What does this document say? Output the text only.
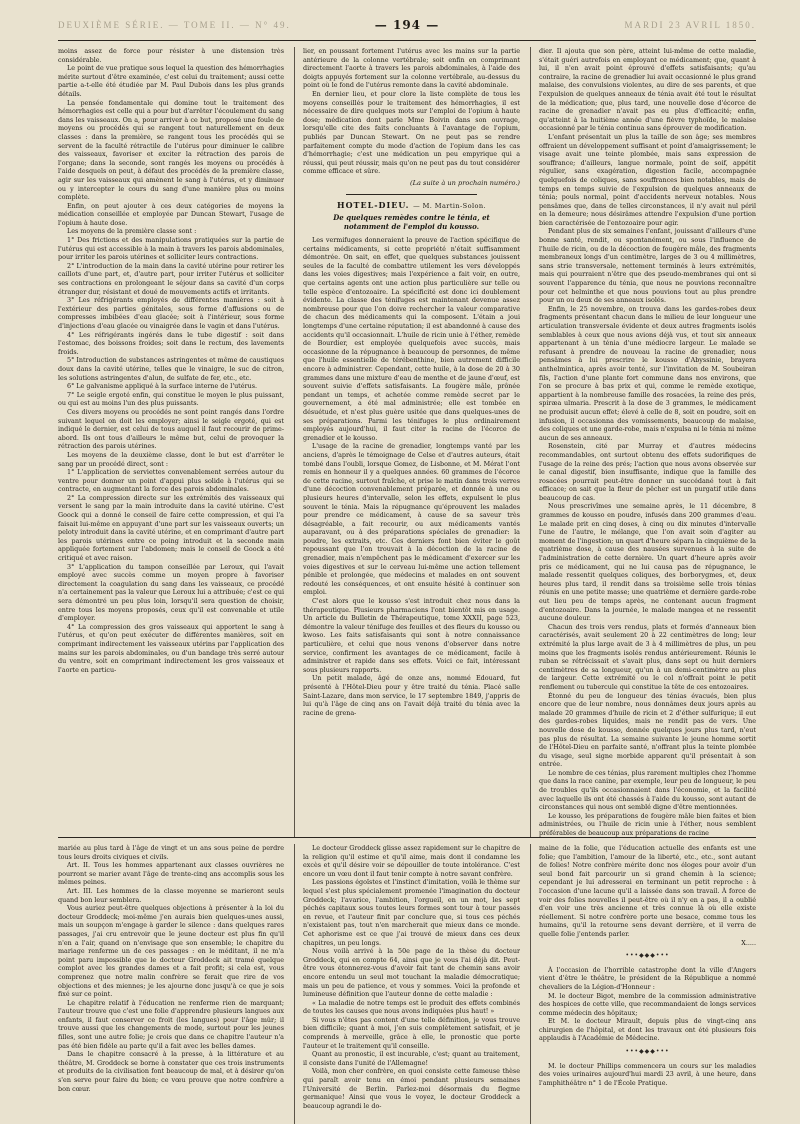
DEUXIÈME SÉRIE. — TOME II. — N° 49.	— 194 —	MARDI 23 AVRIL 1850.

moins assez de force pour résister à une distension très considérable.

Le point de vue pratique sous lequel la question des hémorrhagies mérite surtout d'être examinée, c'est celui du traitement; aussi cette partie a-t-elle été étudiée par M. Paul Dubois dans les plus grands détails.

La pensée fondamentale qui domine tout le traitement des hémorrhagies est celle qui a pour but d'arrêter l'écoulement du sang dans les vaisseaux. On a, pour arriver à ce but, proposé une foule de moyens ou procédés qui se rangent tout naturellement en deux classes : dans la première, se rangent tous les procédés qui se servent de la faculté rétractile de l'utérus pour diminuer le calibre des vaisseaux, favoriser et exciter la rétraction des parois de l'organe; dans la seconde, sont rangés les moyens ou procédés à l'aide desquels on peut, à défaut des procédés de la première classe, agir sur les vaisseaux qui amènent le sang à l'utérus, et y diminuer ou y intercepter le cours du sang d'une manière plus ou moins complète.

Enfin, on peut ajouter à ces deux catégories de moyens la médication conseillée et employée par Duncan Stewart, l'usage de l'opium à haute dose.

Les moyens de la première classe sont :

1° Des frictions et des manipulations pratiquées sur la partie de l'utérus qui est accessible à la main à travers les parois abdominales, pour irriter les parois utérines et solliciter leurs contractions.

2° L'introduction de la main dans la cavité utérine pour retirer les caillots d'une part, et, d'autre part, pour irriter l'utérus et solliciter ses contractions en prolongeant le séjour dans sa cavité d'un corps étranger dur, résistant et doué de mouvements actifs et irritants.

3° Les réfrigérants employés de différentes manières : soit à l'extérieur des parties génitales, sous forme d'affusions ou de compresses imbibées d'eau glacée; soit à l'intérieur, sous forme d'injections d'eau glacée ou vinaigrée dans le vagin et dans l'utérus.

4° Les réfrigérants ingérés dans le tube digestif : soit dans l'estomac, des boissons froides; soit dans le rectum, des lavements froids.

5° Introduction de substances astringentes et même de caustiques doux dans la cavité utérine, telles que le vinaigre, le suc de citron, les solutions astringentes d'alun, de sulfate de fer, etc., etc.

6° Le galvanisme appliqué à la surface interne de l'utérus.

7° Le seigle ergoté enfin, qui constitue le moyen le plus puissant, ou qui est au moins l'un des plus puissants.

Ces divers moyens ou procédés ne sont point rangés dans l'ordre suivant lequel on doit les employer; ainsi le seigle ergoté, qui est indiqué le dernier, est celui de tous auquel il faut recourir de prime-abord. Ils ont tous d'ailleurs le même but, celui de provoquer la rétraction des parois utérines.

Les moyens de la deuxième classe, dont le but est d'arrêter le sang par un procédé direct, sont :

1° L'application de serviettes convenablement serrées autour du ventre pour donner un point d'appui plus solide à l'utérus qui se contracte, en augmentant la force des parois abdominales.

2° La compression directe sur les extrémités des vaisseaux qui versent le sang par la main introduite dans la cavité utérine. C'est Goock qui a donné le conseil de faire cette compression, et qui l'a faisait lui-même en appuyant d'une part sur les vaisseaux ouverts; un peloty introduit dans la cavité utérine, et en comprimant d'autre part les parois utérines entre ce poing introduit et la seconde main appliquée fortement sur l'abdomen; mais le conseil de Goock a été critiqué et avec raison.

3° L'application du tampon conseillée par Leroux, qui l'avait employé avec succès comme un moyen propre à favoriser directement la coagulation du sang dans les vaisseaux, ce procédé n'a certainement pas la valeur que Leroux lui a attribuée; c'est ce qui sera démontré un peu plus loin, lorsqu'il sera question de choisir, entre tous les moyens proposés, ceux qu'il est convenable et utile d'employer.

4° La compression des gros vaisseaux qui apportent le sang à l'utérus, et qu'on peut exécuter de différentes manières, soit en comprimant indirectement les vaisseaux utérins par l'application des mains sur les parois abdominales, ou d'un bandage très serré autour du ventre, soit en comprimant indirectement les gros vaisseaux et l'aorte en particu-

lier, en poussant fortement l'utérus avec les mains sur la partie antérieure de la colonne vertébrale; soit enfin en comprimant directement l'aorte à travers les parois abdominales, à l'aide des doigts appuyés fortement sur la colonne vertébrale, au-dessus du point où le fond de l'utérus remonte dans la cavité abdominale.

En dernier lieu, et pour clore la liste complète de tous les moyens conseillés pour le traitement des hémorrhagies, il est nécessaire de dire quelques mots sur l'emploi de l'opium à haute dose; médication dont parle Mme Boivin dans son ouvrage, lorsqu'elle cite des faits concluants à l'avantage de l'opium, publiés par Duncan Stewart. On ne peut pas se rendre parfaitement compte du mode d'action de l'opium dans les cas d'hémorrhagie; c'est une médication un peu empyrique qui a réussi, qui peut réussir, mais qu'on ne peut pas du tout considérer comme efficace et sûre.

(La suite à un prochain numéro.)
HOTEL-DIEU. — M. Martin-Solon.
De quelques remèdes contre le ténia, et notamment de l'emploi du kousso.

Les vermifuges donneraient la preuve de l'action spécifique de certains médicaments, si cette propriété n'était suffisamment démontrée. On sait, en effet, que quelques substances jouissent seules de la faculté de combattre utilement les vers développés dans les voies digestives; mais l'expérience a fait voir, en outre, que certains agents ont une action plus particulière sur telle ou telle espèce d'entozoaire. La spécificité est donc ici doublement évidente. La classe des ténifuges est maintenant devenue assez nombreuse pour que l'on doive rechercher la valeur comparative de chacun des médicaments qui la composent. L'étain a joui longtemps d'une certaine réputation; il est abandonné à cause des accidents qu'il occasionnait. L'huile de ricin unie à l'éther, remède de Bourdier, est employée quelquefois avec succès, mais occasionne de la répugnance à beaucoup de personnes, de même que l'huile essentielle de térébenthine, bien autrement difficile encore à administrer. Cependant, cette huile, à la dose de 20 à 30 grammes dans une mixture d'eau de menthe et de jaune d'œuf, est souvent suivie d'effets satisfaisants. La fougère mâle, prônée pendant un temps, et achetée comme remède secret par le gouvernement, a été mal administrée; elle est tombée en désuétude, et n'est plus guère usitée que dans quelques-unes de ses préparations. Parmi les ténifuges le plus ordinairement employés aujourd'hui, il faut citer la racine de l'écorce de grenadier et le kousso.

L'usage de la racine de grenadier, longtemps vanté par les anciens, d'après le témoignage de Celse et d'autres auteurs, était tombé dans l'oubli, lorsque Gomez, de Lisbonne, et M. Mérat l'ont remis en honneur il y a quelques années. 60 grammes de l'écorce de cette racine, surtout fraîche, et prise le matin dans trois verres d'une décoction convenablement préparée, et donnée à une ou plusieurs heures d'intervalle, selon les effets, expulsent le plus souvent le ténia. Mais la répugnance qu'éprouvent les malades pour prendre ce médicament, à cause de sa saveur très désagréable, a fait recourir, ou aux médicaments vantés auparavant, ou à des préparations spéciales de grenadier: la poudre, les extraits, etc. Ces derniers font bien éviter le goût repoussant que l'on trouvait à la décoction de la racine de grenadier, mais n'empêchent pas le médicament d'exercer sur les voies digestives et sur le cerveau lui-même une action tellement pénible et prolongée, que médecins et malades en ont souvent redouté les conséquences, et ont ensuite hésité à continuer son emploi.

C'est alors que le kousso s'est introduit chez nous dans la thérapeutique. Plusieurs pharmaciens l'ont bientôt mis en usage. Un article du Bulletin de Thérapeutique, tome XXXII, page 523, démontre la valeur ténifuge des feuilles et des fleurs du kousso ou kwoso. Les faits satisfaisants qui sont à notre connaissance particulière, et celui que nous venons d'observer dans notre service, confirment les avantages de ce médicament, facile à administrer et rapide dans ses effets. Voici ce fait, intéressant sous plusieurs rapports.

Un petit malade, âgé de onze ans, nommé Edouard, fut présenté à l'Hôtel-Dieu pour y être traité du ténia. Placé salle Saint-Lazare, dans mon service, le 17 septembre 1849, j'appris de lui qu'à l'âge de cinq ans on l'avait déjà traité du ténia avec la racine de grena-

dier. Il ajouta que son père, atteint lui-même de cette maladie, s'était guéri autrefois en employant ce médicament; que, quant à lui, il n'en avait point éprouvé d'effets satisfaisants; qu'au contraire, la racine de grenadier lui avait occasionné le plus grand malaise, des convulsions violentes, au dire de ses parents, et que l'expulsion de quelques anneaux de ténia avait été tout le résultat de la médication; que, plus tard, une nouvelle dose d'écorce de racine de grenadier n'avait pas eu plus d'efficacité; enfin, qu'atteint à la huitième année d'une fièvre typhoïde, le malaise occasionné par le ténia continua sans éprouver de modification.

L'enfant présentait un plus la taille de son âge; ses membres offraient un développement suffisant et point d'amaigrissement; le visage avait une teinte plombée, mais sans expression de souffrance; d'ailleurs, langue normale, point de soif, appétit régulier, sans exagération, digestion facile, accompagnée quelquefois de coliques, sans souffrances bien notables, mais de temps en temps suivie de l'expulsion de quelques anneaux de ténia; pouls normal, point d'accidents nerveux notables. Nous pensâmes que, dans de telles circonstances, il n'y avait nul péril en la demeure; nous désirâmes attendre l'expulsion d'une portion bien caractérisée de l'entozoaire pour agir.

Pendant plus de six semaines l'enfant, jouissant d'ailleurs d'une bonne santé, rendit, ou spontanément, ou sous l'influence de l'huile de ricin, ou de la décoction de fougère mâle, des fragments membraneux longs d'un centimètre, larges de 3 ou 4 millimètres, sans strie transversale, nettement terminés à leurs extrémités, mais qui pourraient n'être que des pseudo-membranes qui ont si souvent l'apparence du ténia, que nous ne pouvions reconnaître pour cet helminthe et que nous pouvions tout au plus prendre pour un ou deux de ses anneaux isolés.

Enfin, le 25 novembre, on trouva dans les gardes-robes deux fragments présentant chacun dans le milieu de leur longueur une articulation transversale évidente et deux autres fragments isolés semblables à ceux que nous avions déjà vus, et tout six anneaux appartenant à un ténia d'une médiocre largeur. Le malade se refusant à prendre de nouveau la racine de grenadier, nous pensâmes à lui prescrire le kousso d'Abyssinie, brayera anthelmintica, après avoir tenté, sur l'invitation de M. Soubeiran fils, l'action d'une plante fort commune dans nos environs, que l'on se procure à bas prix et qui, comme le remède exotique, appartient à la nombreuse famille des rosacées, la reine des prés, spiræa ulmaria. Prescrit à la dose de 3 grammes, le médicament ne produisit aucun effet; élevé à celle de 8, soit en poudre, soit en infusion, il occasionna des vomissements, beaucoup de malaise, des coliques et une garde-robe, mais n'expulsa ni le ténia ni même aucun de ses anneaux.

Rosenstein, cité par Murray et d'autres médecins recommandables, ont surtout obtenu des effets sudorifiques de l'usage de la reine des prés; l'action que nous avons observée sur le canal digestif, bien insuffisante, indique que la famille des rosacées pourrait peut-être donner un succédané tout à fait efficace; on sait que la fleur de pêcher est un purgatif utile dans beaucoup de cas.

Nous prescrivîmes une semaine après, le 11 décembre, 8 grammes de kousso en poudre, infusés dans 200 grammes d'eau. Le malade prit en cinq doses, à cinq ou dix minutes d'intervalle l'une de l'autre, le mélange, que l'on avait soin d'agiter au moment de l'ingestion; un quart d'heure sépara la cinquième de la quatrième dose, à cause des nausées survenues à la suite de l'administration de cette dernière. Un quart d'heure après avoir pris ce médicament, qui ne lui causa pas de répugnance, le malade ressentit quelques coliques, des borborygmes, et, deux heures plus tard, il rendit dans sa troisième selle trois ténias réunis en une petite masse; une quatrième et dernière garde-robe eut lieu peu de temps après, ne contenant aucun fragment d'entozoaire. Dans la journée, le malade mangea et ne ressentit aucune douleur.

Chacun des trois vers rendus, plats et formés d'anneaux bien caractérisés, avait seulement 20 à 22 centimètres de long; leur extrémité la plus large avait de 3 à 4 millimètres de plus, un peu moins que les fragments isolés rendus antérieurement. Réunis le ruban se rétrécissait et s'avait plus, dans sept ou huit derniers centimètres de sa longueur, qu'un à un demi-centimètre au plus de largeur. Cette extrémité ou le col n'offrait point le petit renflement ou tubercule qui constitue la tête de ces entozoaires.

Étonné du peu de longueur des ténias évacués, bien plus encore que de leur nombre, nous donnâmes deux jours après au malade 20 grammes d'huile de ricin et 2 d'éther sulfurique; il eut des gardes-robes liquides, mais ne rendit pas de vers. Une nouvelle dose de kousso, donnée quelques jours plus tard, n'eut pas plus de résultat. La semaine suivante le jeune homme sortit de l'Hôtel-Dieu en parfaite santé, n'offrant plus la teinte plombée du visage, seul signe morbide apparent qu'il présentait à son entrée.

Le nombre de ces ténias, plus rarement multiples chez l'homme que dans la race canine, par exemple, leur peu de longueur, le peu de troubles qu'ils occasionnaient dans l'économie, et la facilité avec laquelle ils ont été chassés à l'aide du kousso, sont autant de circonstances qui nous ont semblé digne d'être mentionnées.

Le kousso, les préparations de fougère mâle bien faites et bien administrées, ou l'huile de ricin unie à l'éther, nous semblent préférables de beaucoup aux préparations de racine

mariée au plus tard à l'âge de vingt et un ans sous peine de perdre tous leurs droits civiques et civils.

Art. II. Tous les hommes appartenant aux classes ouvrières ne pourront se marier avant l'âge de trente-cinq ans accomplis sous les mêmes peines.

Art. III. Les hommes de la classe moyenne se marieront seuls quand bon leur semblera.

Vous auriez peut-être quelques objections à présenter à la loi du docteur Groddeck; moi-même j'en aurais bien quelques-unes aussi, mais un soupçon m'engage à garder le silence : dans quelques rares passages, j'ai cru entrevoir que le jeune docteur est plus fin qu'il n'en a l'air, quand on n'envisage que son ensemble; le chapitre du mariage renferme un de ces passages : en le méditant, il ne m'a point paru impossible que le docteur Groddeck ait tramé quelque complot avec les grandes dames et a fait profit; si cela est, vous comprenez que notre malin confrère se ferait que rire de vos objections et des miennes; je les ajourne donc jusqu'à ce que je sois fixé sur ce point.

Le chapitre relatif à l'éducation ne renferme rien de marquant; l'auteur trouve que c'est une folie d'apprendre plusieurs langues aux enfants, il faut conserver ce froit (les langues) pour l'âge mûr; il trouve aussi que les changements de mode, surtout pour les jeunes filles, sont une autre folie; je crois que dans ce chapitre l'auteur n'a pas été bien fidèle au parte qu'il a fait avec les belles dames.

Dans le chapitre consacré à la presse, à la littérature et au théâtre, M. Groddeck se borne à constater que ces trois instruments et produits de la civilisation font beaucoup de mal, et à désirer qu'on s'en serve pour faire du bien; ce vœu prouve que notre confrère a bon cœur.

Le docteur Groddeck glisse assez rapidement sur le chapitre de la religion qu'il estime et qu'il aime, mais dont il condamne les excès et qu'il désire voir se dépouiller de toute intolérance. C'est encore un vœu dont il faut tenir compte à notre savant confrère.

Les passions égoïstes et l'instinct d'imitation, voilà le thème sur lequel s'est plus spécialement promenée l'imagination du docteur Groddeck; l'avarice, l'ambition, l'orgueil, en un mot, les sept péchés capitaux sous toutes leurs formes sont tour à tour passés en revue, et l'auteur finit par conclure que, si tous ces péchés n'existaient pas, tout n'en marcherait que mieux dans ce monde. Cet aphorisme est ce que j'ai trouvé de mieux dans ces deux chapitres, un peu longs.

Nous voilà arrivé à la 50e page de la thèse du docteur Groddeck, qui en compte 64, ainsi que je vous l'ai déjà dit. Peut-être vous étonnerez-vous d'avoir fait tant de chemin sans avoir encore entendu un seul mot touchant la maladie démocratique; mais un peu de patience, et vous y sommes. Voici la profonde et lumineuse définition que l'auteur donne de cette maladie :

« La maladie de notre temps est le produit des effets combinés de toutes les causes que nous avons indiquées plus haut! »

Si vous n'êtes pas content d'une telle définition, je vous trouve bien difficile; quant à moi, j'en suis complètement satisfait, et je comprends à merveille, grâce à elle, le pronostic que porte l'auteur et le traitement qu'il conseille.

Quant au pronostic, il est incurable, c'est; quant au traitement, il consiste dans l'unité de l'Allemagne!

Voilà, mon cher confrère, en quoi consiste cette fameuse thèse qui paraît avoir tenu en émoi pendant plusieurs semaines l'Université de Berlin. Parlez-moi désormais du flegme germanique! Ainsi que vous le voyez, le docteur Groddeck a beaucoup agrandi le do-

maine de la folie, que l'éducation actuelle des enfants est une folie; que l'ambition, l'amour de la liberté, etc., etc., sont autant de folies! Notre confrère mérite donc nos éloges pour avoir d'un seul bond fait parcourir un si grand chemin à la science; cependant je lui adresserai en terminant un petit reproche : à l'occasion d'une lacune qu'il a laissée dans son travail. À force de voir des folies nouvelles il peut-être où il n'y en a pas, il a oublié d'en voir une très ancienne et très connue là où elle existe réellement. Si notre confrère porte une besace, comme tous les humains, qu'il la retourne sens devant derrière, et il verra de quelle folie j'entends parler.

X.....

•••◆◆◆•••

À l'occasion de l'horrible catastrophe dont la ville d'Angers vient d'être le théâtre, le président de la République a nommé chevaliers de la Légion-d'Honneur :

M. le docteur Bigot, membre de la commission administrative des hospices de cette ville, que recommandaient de longs services comme médecin des hôpitaux;

Et M. le docteur Mirault, depuis plus de vingt-cinq ans chirurgien de l'hôpital, et dont les travaux ont été plusieurs fois applaudis à l'Académie de Médecine.

•••◆◆◆•••

M. le docteur Phillips commencera un cours sur les maladies des voies urinaires aujourd'hui mardi 23 avril, à une heure, dans l'amphithéâtre n° 1 de l'École Pratique.
